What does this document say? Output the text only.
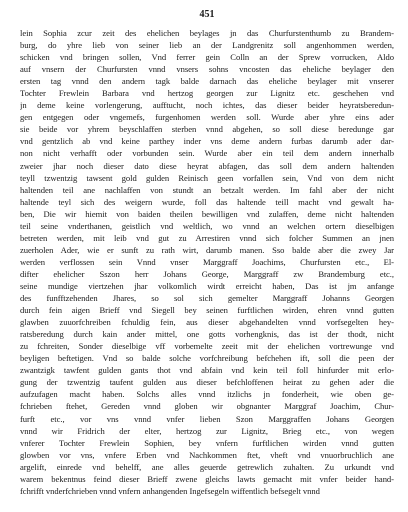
451
lein Sophia zcur zeit des ehelichen beylages jn das Churfurstenthumb zu Brandem-
burg, do yhre lieb von seiner lieb an der Landgrenitz soll angenhommen werden,
schicken vnd bringen sollen, Vnd ferrer gein Colln an der Sprew vorrucken, Aldo
auf vnsern der Churfursten vnnd vnsers sohns vncosten das eheliche beylager den
ersten tag vnnd den andern tagk balde darnach das eheliche beylager mit vnserer
Tochter Frewlein Barbara vnd hertzog georgen zur Lignitz etc. geschehen vnd
jn deme keine vorlengerung, aufftucht, noch ichtes, das dieser beider heyratsberedun-
gen entgegen oder vngemefs, furgenhomen werden soll. Wurde aber yhre eins ader
sie beide vor yhrem beyschlaffen sterben vnnd abgehen, so soll diese beredunge gar
vnd gentzlich ab vnd keine parthey inder vns deme andern furbas darumb ader dar-
non nicht verhafft oder vorbunden sein. Wurde aber ein teil dem andern innerhalb
zweier jhar noch dieser dato diese heyrat abfagen, das soll dem andern haltenden
teyll tzwentzig tawsent gold gulden Reinisch geen vorfallen sein, Vnd von dem nicht
haltenden teil ane nachlaffen von stundt an betzalt werden. Im fahl aber der nicht
haltende teyl sich des weigern wurde, foll das haltende teill macht vnd gewalt ha-
ben, Die wir hiemit von baiden theilen bewilligen vnd zulaffen, deme nicht haltenden
teil seine vnderthanen, geistlich vnd weltlich, wo vnnd an welchen ortern dieselbigen
betreten werden, mit leib vnd gut zu Arrestiren vnnd sich folcher Summen an jnen
zuerholen Ader, wie er sunft zu rath wirt, darumb manen. Sso balde aber die zwey Jar
werden verflossen sein Vnnd vnser Marggraff Joachims, Churfursten etc., El-
difter ehelicher Sszon herr Johans George, Marggraff zw Brandemburg etc.,
seine mundige viertzehen jhar volkomlich wirdt erreicht haben, Das ist jm anfange
des funfftzehenden Jhares, so sol sich gemelter Marggraff Johanns Georgen
durch fein aigen Brieff vnd Siegell bey seinen furftlichen wirden, ehren vnnd gutten
glawben zuuorfchreiben fchuldig fein, aus dieser abgehandelten vnnd vorfsegelten hey-
ratsberedung durch kain ander mittel, one gotts vorhengknis, das ist der thodt, nicht
zu fchreiten, Sonder dieselbige vff vorbemelte zeeit mit der ehelichen vortrewunge vnd
beyligen beftetigen. Vnd so balde solche vorfchreibung befchehen ift, soll die peen der
zwantzigk tawfent gulden gants thot vnd abfain vnd kein teil foll hinfurder mit erlo-
gung der tzwentzig taufent gulden aus dieser befchloffenen heirat zu gehen ader die
aufzufagen macht haben. Solchs alles vnnd itzlichs jn fonderheit, wie oben ge-
fchrieben ftehet, Gereden vnnd globen wir obgnanter Marggraf Joachim, Chur-
furft etc., vor vns vnnd vnfer lieben Szon Marggraffen Johans Georgen
vnnd wir Fridrich der elter, hertzog zur Lignitz, Brieg etc., von wegen
vnferer Tochter Frewlein Sophien, bey vnfern furftlichen wirden vnnd gutten
glowben vor vns, vnfere Erben vnd Nachkommen ftet, vheft vnd vnuorbruchlich ane
argelift, einrede vnd behelff, ane alles geuerde getrewlich zuhalten. Zu urkundt vnd
warem bekentnus feind dieser Brieff zwene gleichs lawts gemacht mit vnfer beider hand-
fchrifft vnderfchrieben vnnd vnfern anhangenden Ingefsegeln wiffentlich befsegelt vnnd
